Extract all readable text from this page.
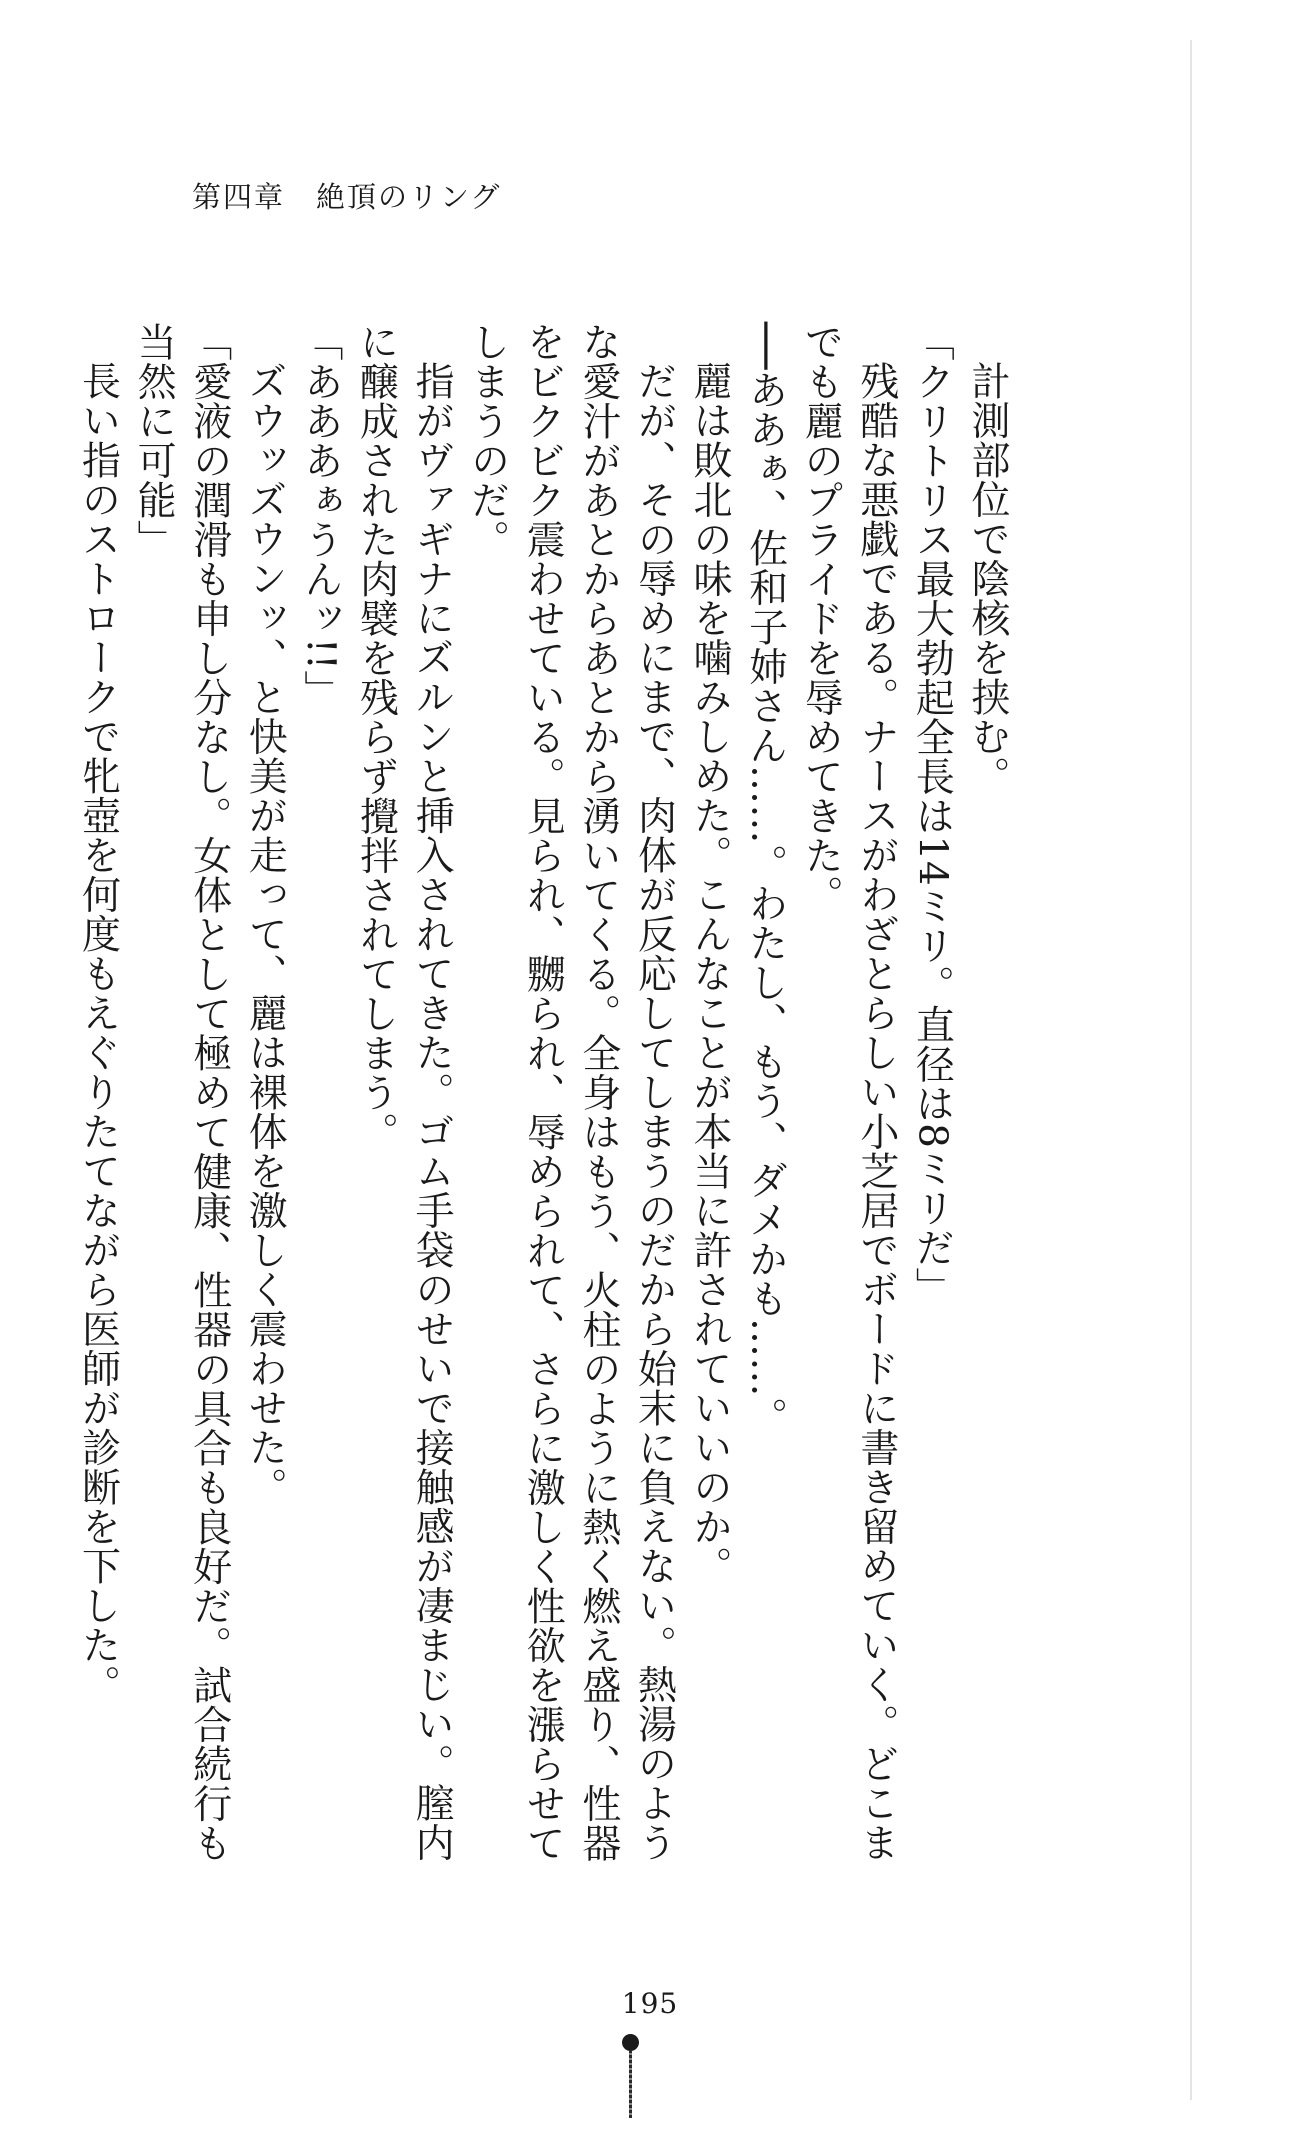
第四章　絶頂のリング

計測部位で陰核を挟む。

「クリトリス最大勃起全長は14ミリ。直径は8ミリだ」

残酷な悪戯である。ナースがわざとらしい小芝居でボードに書き留めていく。どこまでも麗のプライドを辱めてきた。

──ああぁ、佐和子姉さん……。わたし、もう、ダメかも……。

麗は敗北の味を噛みしめた。こんなことが本当に許されていいのか。

だが、その辱めにまで、肉体が反応してしまうのだから始末に負えない。熱湯のような愛汁があとからあとから湧いてくる。全身はもう、火柱のように熱く燃え盛り、性器をビクビク震わせている。見られ、嬲られ、辱められて、さらに激しく性欲を漲らせてしまうのだ。

指がヴァギナにズルンと挿入されてきた。ゴム手袋のせいで接触感が凄まじい。膣内に醸成された肉襞を残らず攪拌されてしまう。

「あああぁうんッ!!」

ズウッズウンッ、と快美が走って、麗は裸体を激しく震わせた。

「愛液の潤滑も申し分なし。女体として極めて健康、性器の具合も良好だ。試合続行も当然に可能」

長い指のストロークで牝壺を何度もえぐりたてながら医師が診断を下した。

195
